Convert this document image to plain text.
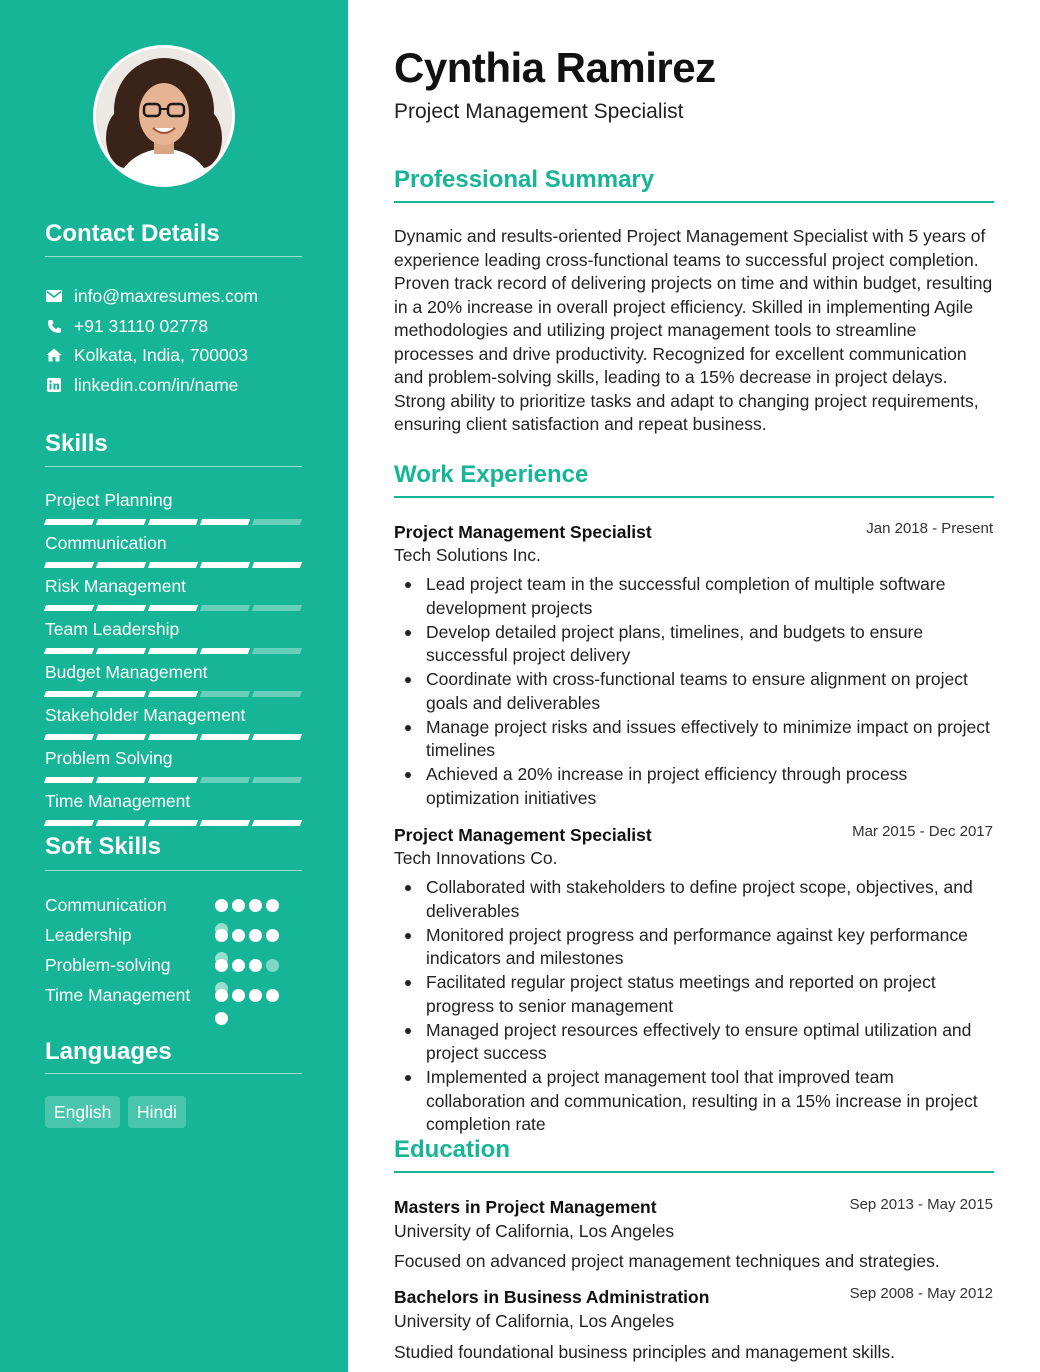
Contact Details
info@maxresumes.com
+91 31110 02778
Kolkata, India, 700003
linkedin.com/in/name
Skills
Project Planning
Communication
Risk Management
Team Leadership
Budget Management
Stakeholder Management
Problem Solving
Time Management
Soft Skills
Communication
Leadership
Problem-solving
Time Management
Languages
English	Hindi
Cynthia Ramirez
Project Management Specialist
Professional Summary
Dynamic and results-oriented Project Management Specialist with 5 years of experience leading cross-functional teams to successful project completion. Proven track record of delivering projects on time and within budget, resulting in a 20% increase in overall project efficiency. Skilled in implementing Agile methodologies and utilizing project management tools to streamline processes and drive productivity. Recognized for excellent communication and problem-solving skills, leading to a 15% decrease in project delays. Strong ability to prioritize tasks and adapt to changing project requirements, ensuring client satisfaction and repeat business.
Work Experience
Project Management Specialist	Jan 2018 - Present
Tech Solutions Inc.
Lead project team in the successful completion of multiple software development projects
Develop detailed project plans, timelines, and budgets to ensure successful project delivery
Coordinate with cross-functional teams to ensure alignment on project goals and deliverables
Manage project risks and issues effectively to minimize impact on project timelines
Achieved a 20% increase in project efficiency through process optimization initiatives
Project Management Specialist	Mar 2015 - Dec 2017
Tech Innovations Co.
Collaborated with stakeholders to define project scope, objectives, and deliverables
Monitored project progress and performance against key performance indicators and milestones
Facilitated regular project status meetings and reported on project progress to senior management
Managed project resources effectively to ensure optimal utilization and project success
Implemented a project management tool that improved team collaboration and communication, resulting in a 15% increase in project completion rate
Education
Masters in Project Management	Sep 2013 - May 2015
University of California, Los Angeles
Focused on advanced project management techniques and strategies.
Bachelors in Business Administration	Sep 2008 - May 2012
University of California, Los Angeles
Studied foundational business principles and management skills.
